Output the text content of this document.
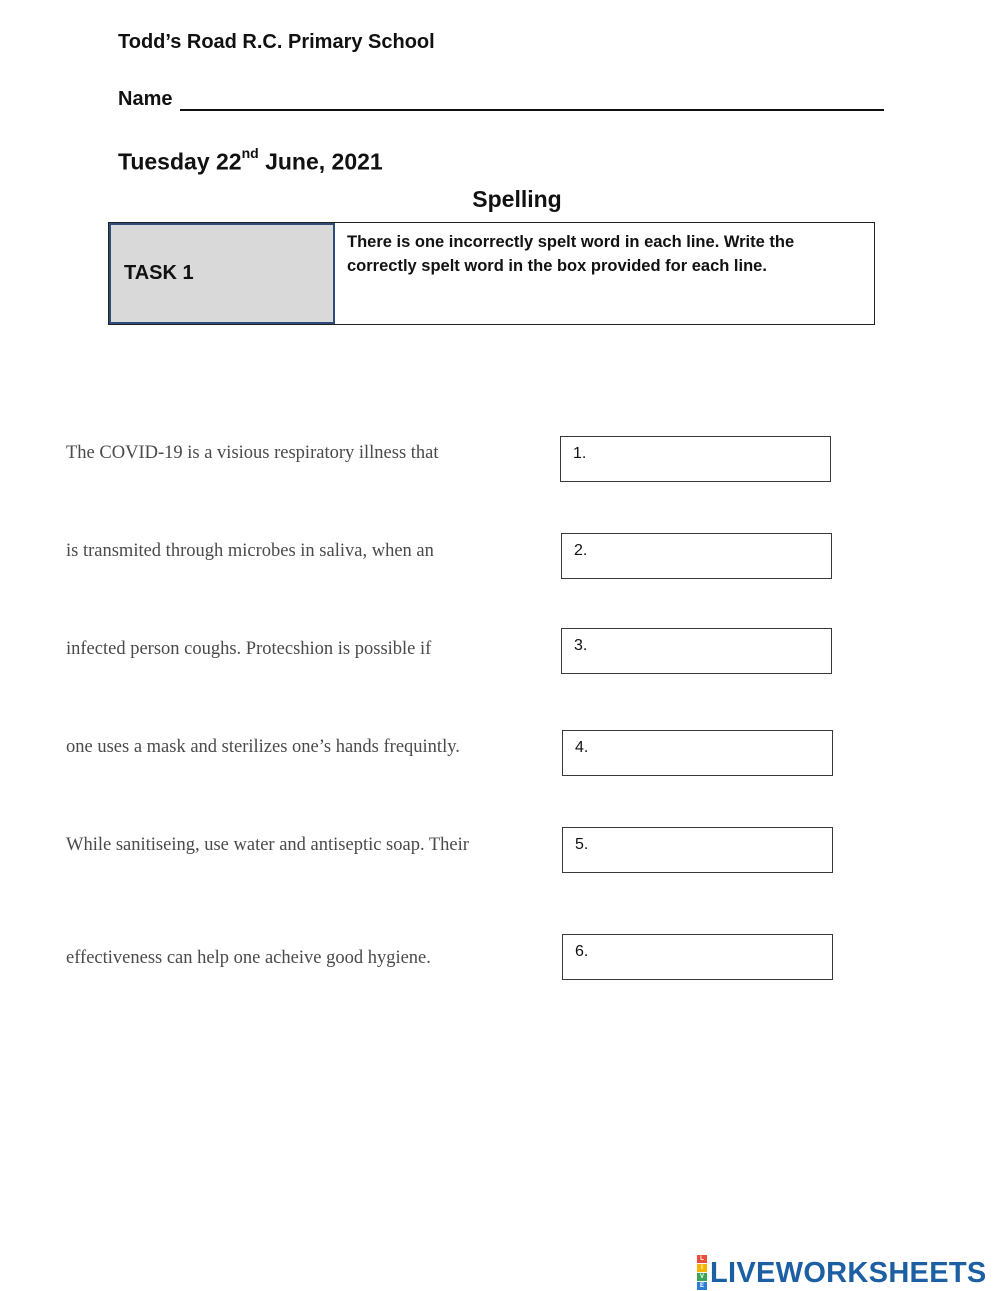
Todd’s Road R.C. Primary School
Name
Tuesday 22nd June, 2021
Spelling
TASK 1
There is one incorrectly spelt word in each line. Write the correctly spelt word in the box provided for each line.
The COVID-19 is a visious respiratory illness that	1.
is transmited through microbes in saliva, when an	2.
infected person coughs. Protecshion is possible if	3.
one uses a mask and sterilizes one’s hands frequintly.	4.
While sanitiseing, use water and antiseptic soap. Their	5.
effectiveness can help one acheive good hygiene.	6.
L
I
V
E LIVEWORKSHEETS
